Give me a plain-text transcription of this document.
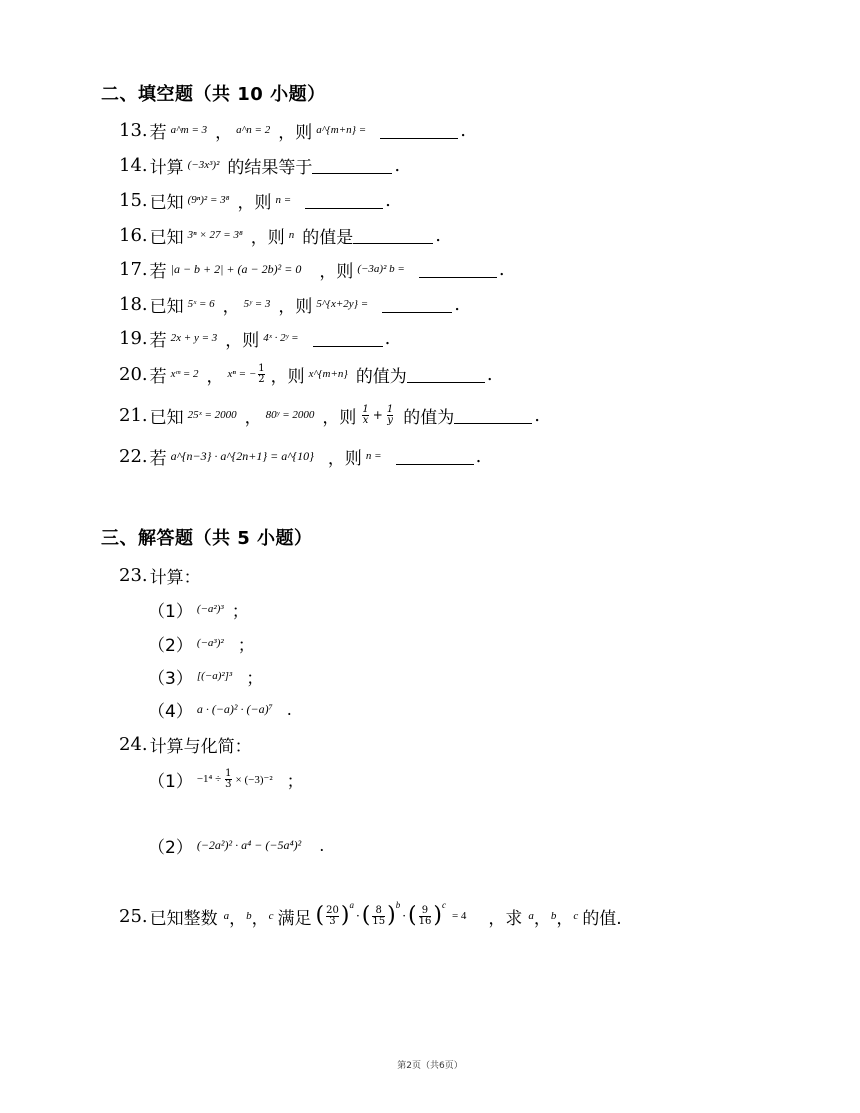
二、填空题（共 10 小题）
13. 若 a^m = 3 ， a^n = 2 ， 则 a^{m+n} =	.
14. 计算 (−3x³)² 的结果等于	.
15. 已知 (9ⁿ)² = 3⁸ ， 则 n =	.
16. 已知 3ⁿ × 27 = 3⁸ ， 则 n 的值是	.
17. 若 |a − b + 2| + (a − 2b)² = 0 ， 则 (−3a)² b =	.
18. 已知 5ˣ = 6 ， 5ʸ = 3 ， 则 5^{x+2y} =	.
19. 若 2x + y = 3 ， 则 4ˣ · 2ʸ =	.
20. 若 xᵐ = 2 ， xⁿ = − $\frac{1}{2}$ ， 则 x^{m+n} 的值为	.
21. 已知 25ˣ = 2000 ， 80ʸ = 2000 ， 则 $\frac{1}{x} + \frac{1}{y}$ 的值为	.
22. 若 a^{n−3} · a^{2n+1} = a^{10} ， 则 n =	.
三、解答题（共 5 小题）
23. 计算：
（1） (−a²)³ ；
（2） (−a³)² ；
（3） [(−a)²]³ ；
（4） a · (−a)² · (−a)⁷ .
24. 计算与化简：
$(1) -1^4 \div \frac{1}{3} \times (-3)^{-2}$ ；
（2） (−2a²)² · a⁴ − (−5a⁴)² .
25. 已知整数 a ， b ， c 满足 ( $\frac{20}{3}$ ) a
· ( $\frac{8}{15}$ ) b
· ( $\frac{9}{16}$ ) c
= 4 ， 求 a ， b ， c 的值.
第2页（共6页）
